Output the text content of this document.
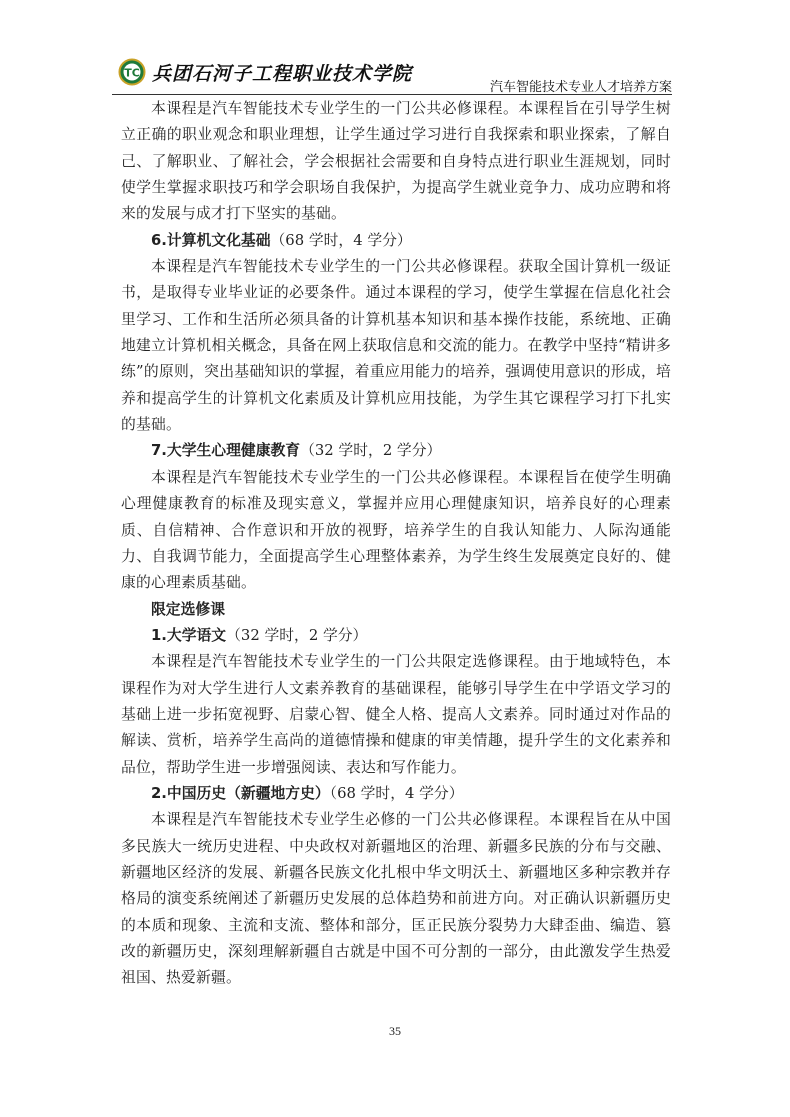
TC 兵团石河子工程职业技术学院
汽车智能技术专业人才培养方案

本课程是汽车智能技术专业学生的一门公共必修课程。本课程旨在引导学生树立正确的职业观念和职业理想，让学生通过学习进行自我探索和职业探索，了解自己、了解职业、了解社会，学会根据社会需要和自身特点进行职业生涯规划，同时使学生掌握求职技巧和学会职场自我保护，为提高学生就业竞争力、成功应聘和将来的发展与成才打下坚实的基础。

6.计算机文化基础（68 学时，4 学分）

本课程是汽车智能技术专业学生的一门公共必修课程。获取全国计算机一级证书，是取得专业毕业证的必要条件。通过本课程的学习，使学生掌握在信息化社会里学习、工作和生活所必须具备的计算机基本知识和基本操作技能，系统地、正确地建立计算机相关概念，具备在网上获取信息和交流的能力。在教学中坚持“精讲多练”的原则，突出基础知识的掌握，着重应用能力的培养，强调使用意识的形成，培养和提高学生的计算机文化素质及计算机应用技能，为学生其它课程学习打下扎实的基础。

7.大学生心理健康教育（32 学时，2 学分）

本课程是汽车智能技术专业学生的一门公共必修课程。本课程旨在使学生明确心理健康教育的标准及现实意义，掌握并应用心理健康知识，培养良好的心理素质、自信精神、合作意识和开放的视野，培养学生的自我认知能力、人际沟通能力、自我调节能力，全面提高学生心理整体素养，为学生终生发展奠定良好的、健康的心理素质基础。

限定选修课

1.大学语文（32 学时，2 学分）

本课程是汽车智能技术专业学生的一门公共限定选修课程。由于地域特色，本课程作为对大学生进行人文素养教育的基础课程，能够引导学生在中学语文学习的基础上进一步拓宽视野、启蒙心智、健全人格、提高人文素养。同时通过对作品的解读、赏析，培养学生高尚的道德情操和健康的审美情趣，提升学生的文化素养和品位，帮助学生进一步增强阅读、表达和写作能力。

2.中国历史（新疆地方史）（68 学时，4 学分）

本课程是汽车智能技术专业学生必修的一门公共必修课程。本课程旨在从中国多民族大一统历史进程、中央政权对新疆地区的治理、新疆多民族的分布与交融、新疆地区经济的发展、新疆各民族文化扎根中华文明沃土、新疆地区多种宗教并存格局的演变系统阐述了新疆历史发展的总体趋势和前进方向。对正确认识新疆历史的本质和现象、主流和支流、整体和部分，匡正民族分裂势力大肆歪曲、编造、篡改的新疆历史，深刻理解新疆自古就是中国不可分割的一部分，由此激发学生热爱祖国、热爱新疆。

35
